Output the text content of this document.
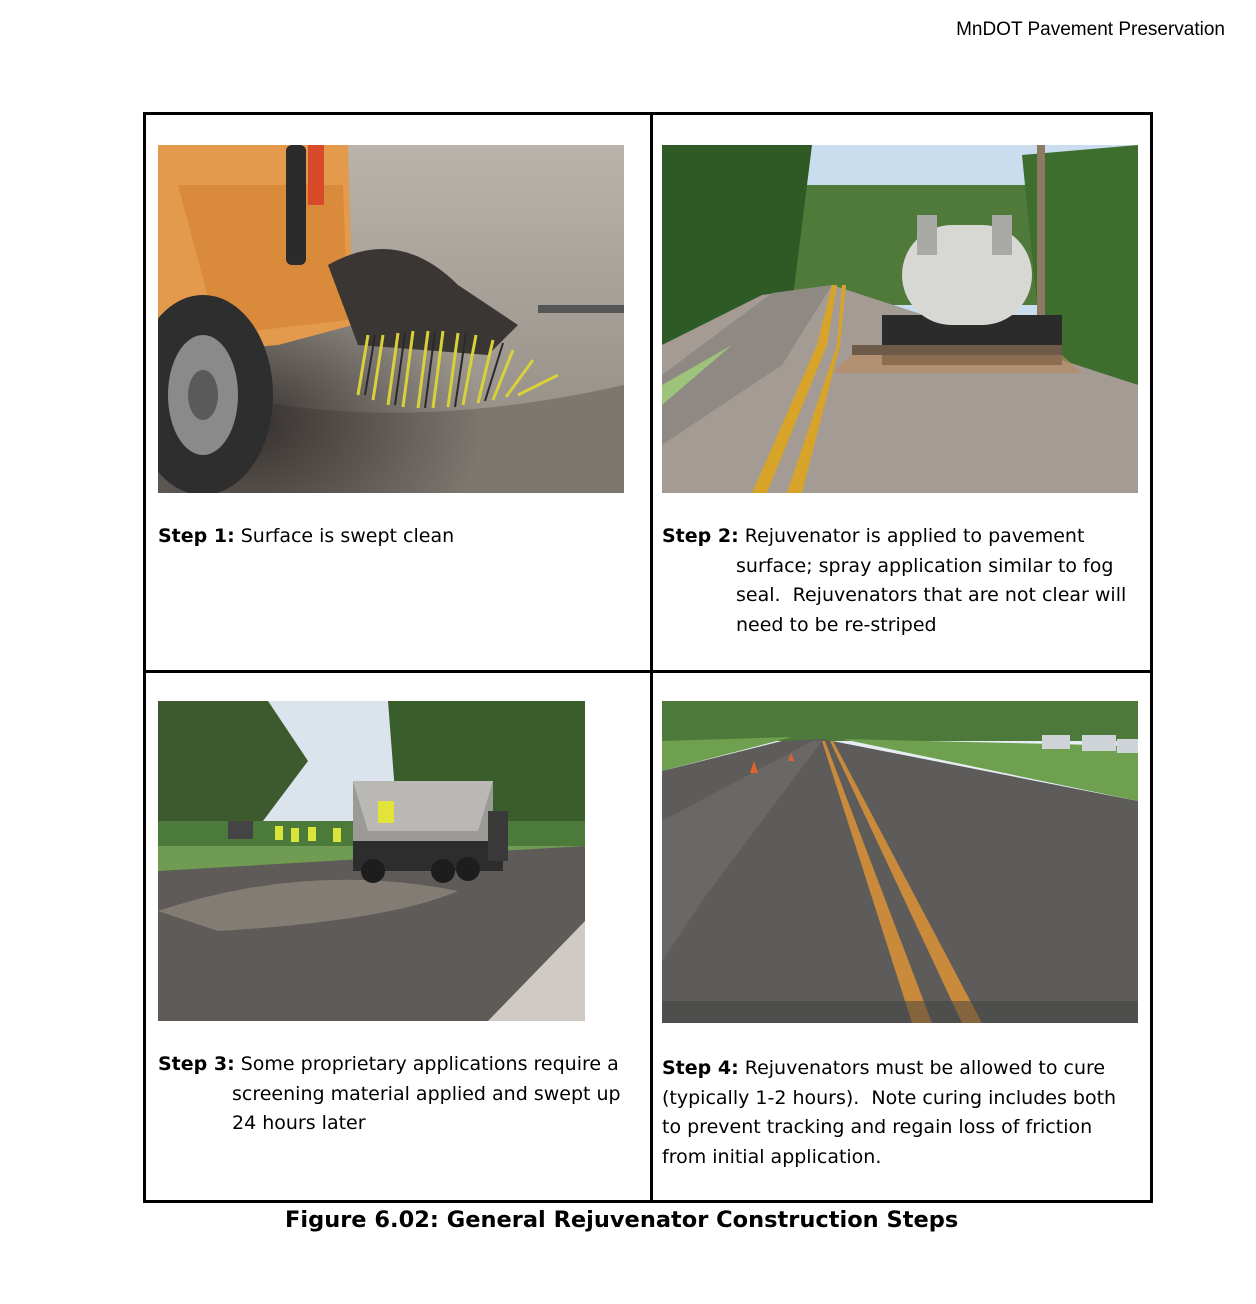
MnDOT Pavement Preservation
Step 1: Surface is swept clean	Step 2: Rejuvenator is applied to pavement
surface; spray application similar to fog
seal.  Rejuvenators that are not clear will
need to be re-striped
Step 3: Some proprietary applications require a
screening material applied and swept up
24 hours later
Step 4: Rejuvenators must be allowed to cure
(typically 1-2 hours).  Note curing includes both
to prevent tracking and regain loss of friction
from initial application.
Figure 6.02: General Rejuvenator Construction Steps
